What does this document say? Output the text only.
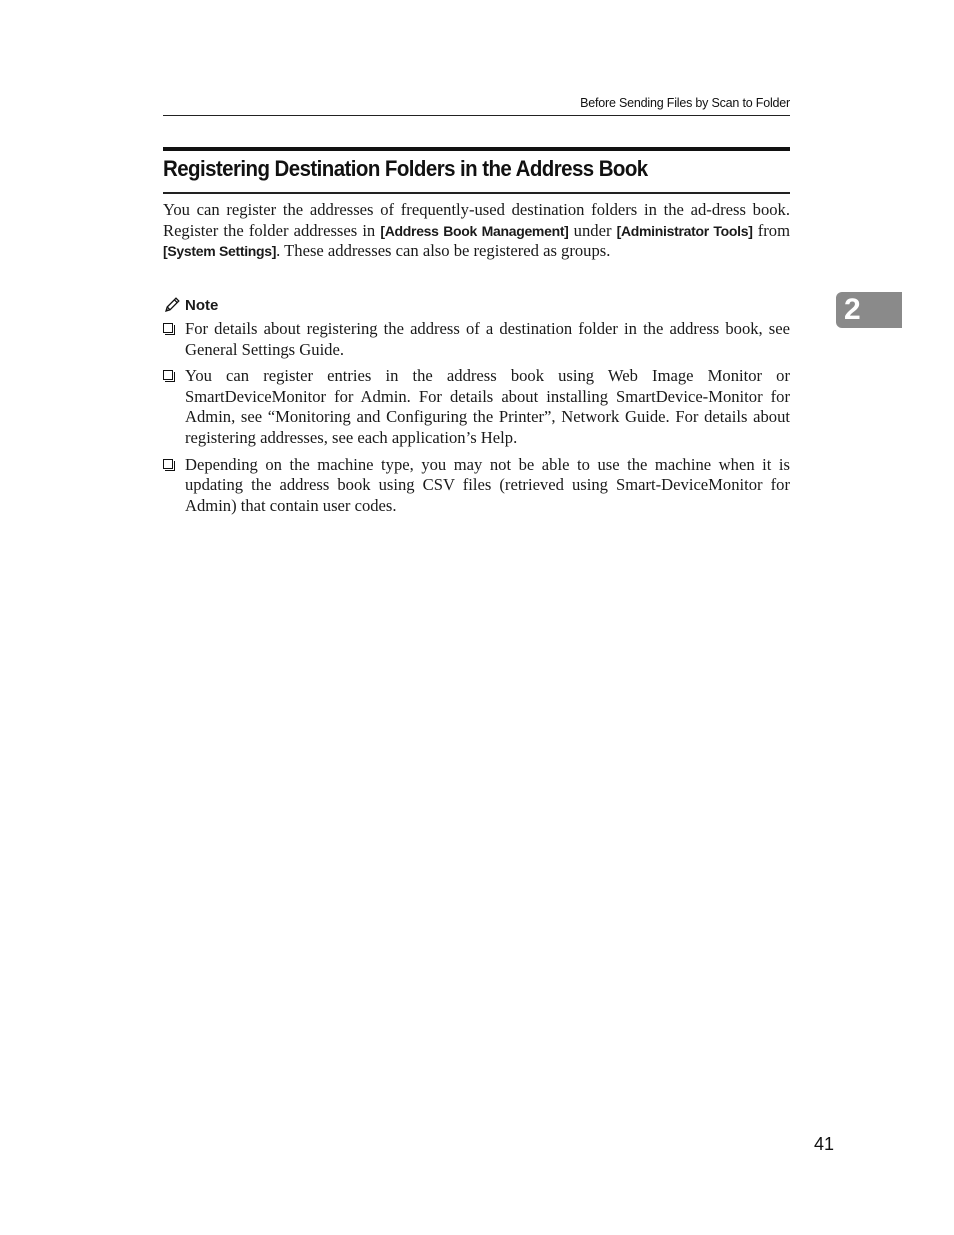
Before Sending Files by Scan to Folder
Registering Destination Folders in the Address Book

You can register the addresses of frequently-used destination folders in the ad-dress book. Register the folder addresses in [Address Book Management] under [Administrator Tools] from [System Settings]. These addresses can also be registered as groups.

Note
For details about registering the address of a destination folder in the address book, see General Settings Guide.
You can register entries in the address book using Web Image Monitor or SmartDeviceMonitor for Admin. For details about installing SmartDevice-Monitor for Admin, see “Monitoring and Configuring the Printer”, Network Guide. For details about registering addresses, see each application’s Help.
Depending on the machine type, you may not be able to use the machine when it is updating the address book using CSV files (retrieved using Smart-DeviceMonitor for Admin) that contain user codes.
2
41
